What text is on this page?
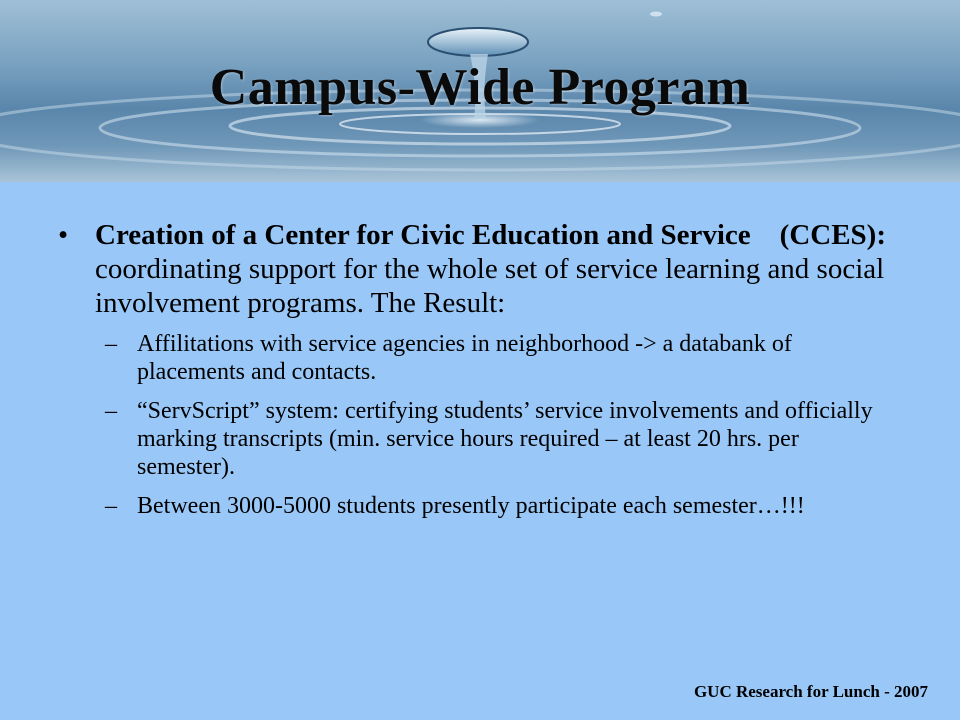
Campus-Wide Program
• Creation of a Center for Civic Education and Service (CCES): coordinating support for the whole set of service learning and social involvement programs. The Result:
– Affilitations with service agencies in neighborhood -> a databank of placements and contacts.
– “ServScript” system: certifying students’ service involvements and officially marking transcripts (min. service hours required – at least 20 hrs. per semester).
– Between 3000-5000 students presently participate each semester…!!!
GUC Research for Lunch - 2007
